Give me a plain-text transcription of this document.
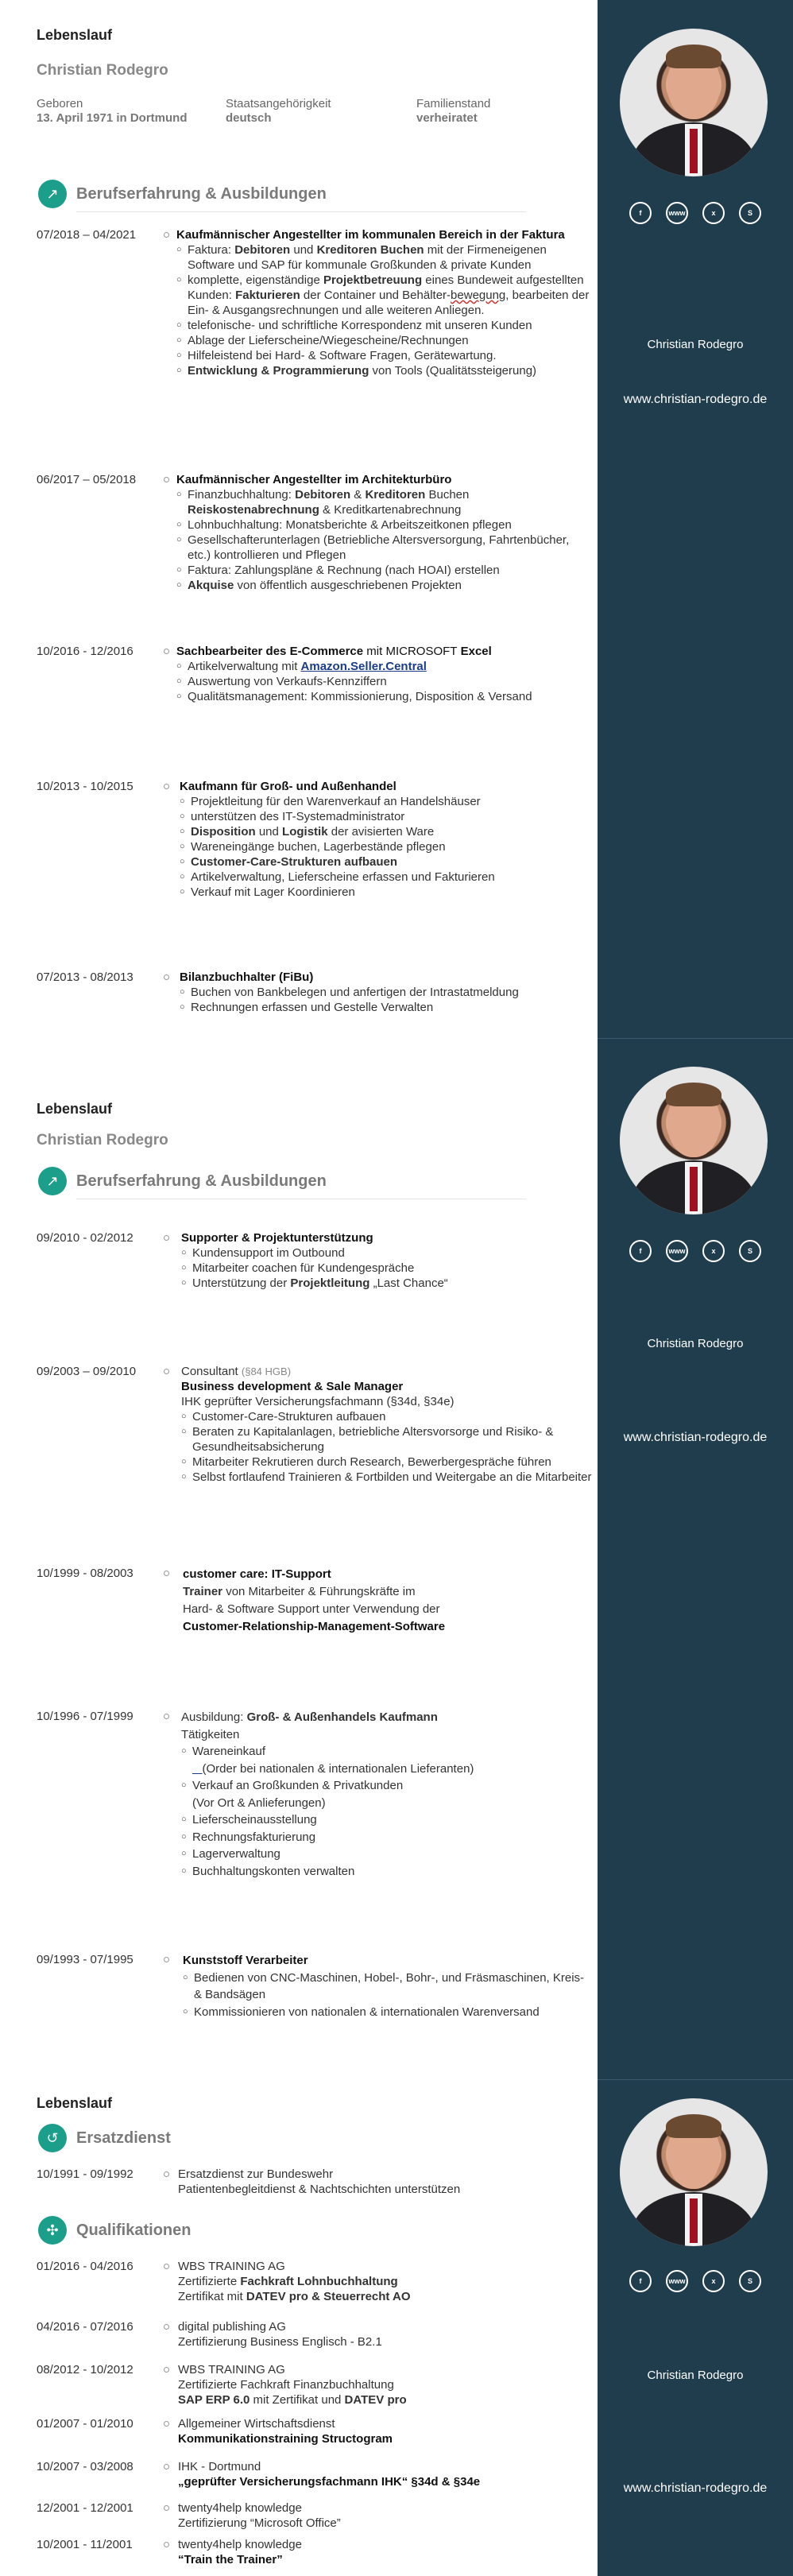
Lebenslauf
Christian Rodegro
Geboren
13. April 1971 in Dortmund
Staatsangehörigkeit
deutsch
Familienstand
verheiratet
↗	Berufserfahrung & Ausbildungen
07/2018 – 04/2021	Kaufmännischer Angestellter im kommunalen Bereich in der Faktura
○ Faktura: Debitoren und Kreditoren Buchen mit der Firmeneigenen Software und SAP für kommunale Großkunden & private Kunden
○ komplette, eigenständige Projektbetreuung eines Bundeweit aufgestellten Kunden: Fakturieren der Container und Behälter-bewegung, bearbeiten der Ein- & Ausgangsrechnungen und alle weiteren Anliegen.
○ telefonische- und schriftliche Korrespondenz mit unseren Kunden
○ Ablage der Lieferscheine/Wiegescheine/Rechnungen
○ Hilfeleistend bei Hard- & Software Fragen, Gerätewartung.
○ Entwicklung & Programmierung von Tools (Qualitätssteigerung)
06/2017 – 05/2018	Kaufmännischer Angestellter im Architekturbüro
○ Finanzbuchhaltung: Debitoren & Kreditoren Buchen Reiskostenabrechnung & Kreditkartenabrechnung
○ Lohnbuchhaltung: Monatsberichte & Arbeitszeitkonen pflegen
○ Gesellschafterunterlagen (Betriebliche Altersversorgung, Fahrtenbücher, etc.) kontrollieren und Pflegen
○ Faktura: Zahlungspläne & Rechnung (nach HOAI) erstellen
○ Akquise von öffentlich ausgeschriebenen Projekten
10/2016 - 12/2016	Sachbearbeiter des E-Commerce mit MICROSOFT Excel
○ Artikelverwaltung mit Amazon.Seller.Central
○ Auswertung von Verkaufs-Kennziffern
○ Qualitätsmanagement: Kommissionierung, Disposition & Versand
10/2013 - 10/2015	Kaufmann für Groß- und Außenhandel
○ Projektleitung für den Warenverkauf an Handelshäuser
○ unterstützen des IT-Systemadministrator
○ Disposition und Logistik der avisierten Ware
○ Wareneingänge buchen, Lagerbestände pflegen
○ Customer-Care-Strukturen aufbauen
○ Artikelverwaltung, Lieferscheine erfassen und Fakturieren
○ Verkauf mit Lager Koordinieren
07/2013 - 08/2013	Bilanzbuchhalter (FiBu)
○ Buchen von Bankbelegen und anfertigen der Intrastatmeldung
○ Rechnungen erfassen und Gestelle Verwalten
f	www	x	S
Christian Rodegro
www.christian-rodegro.de
Lebenslauf
Christian Rodegro
↗	Berufserfahrung & Ausbildungen
09/2010 - 02/2012	Supporter & Projektunterstützung
○ Kundensupport im Outbound
○ Mitarbeiter coachen für Kundengespräche
○ Unterstützung der Projektleitung „Last Chance“
09/2003 – 09/2010	Consultant (§84 HGB)
Business development & Sale Manager
IHK geprüfter Versicherungsfachmann (§34d, §34e)
○ Customer-Care-Strukturen aufbauen
○ Beraten zu Kapitalanlagen, betriebliche Altersvorsorge und Risiko- & Gesundheitsabsicherung
○ Mitarbeiter Rekrutieren durch Research, Bewerbergespräche führen
○ Selbst fortlaufend Trainieren & Fortbilden und Weitergabe an die Mitarbeiter
10/1999 - 08/2003	customer care: IT-Support
Trainer von Mitarbeiter & Führungskräfte im
Hard- & Software Support unter Verwendung der
Customer-Relationship-Management-Software
10/1996 - 07/1999	Ausbildung: Groß- & Außenhandels Kaufmann
Tätigkeiten
○ Wareneinkauf
(Order bei nationalen & internationalen Lieferanten)
○ Verkauf an Großkunden & Privatkunden
(Vor Ort & Anlieferungen)
○ Lieferscheinausstellung
○ Rechnungsfakturierung
○ Lagerverwaltung
○ Buchhaltungskonten verwalten
09/1993 - 07/1995	Kunststoff Verarbeiter
○ Bedienen von CNC-Maschinen, Hobel-, Bohr-, und Fräsmaschinen, Kreis- & Bandsägen
○ Kommissionieren von nationalen & internationalen Warenversand
f	www	x	S
Christian Rodegro
www.christian-rodegro.de
Lebenslauf
↺	Ersatzdienst
10/1991 - 09/1992	Ersatzdienst zur Bundeswehr
Patientenbegleitdienst & Nachtschichten unterstützen
✣	Qualifikationen
01/2016 - 04/2016	WBS TRAINING AG
Zertifizierte Fachkraft Lohnbuchhaltung
Zertifikat mit DATEV pro & Steuerrecht AO
04/2016 - 07/2016	digital publishing AG
Zertifizierung Business Englisch - B2.1
08/2012 - 10/2012	WBS TRAINING AG
Zertifizierte Fachkraft Finanzbuchhaltung
SAP ERP 6.0 mit Zertifikat und DATEV pro
01/2007 - 01/2010	Allgemeiner Wirtschaftsdienst
Kommunikationstraining Structogram
10/2007 - 03/2008	IHK - Dortmund
„geprüfter Versicherungsfachmann IHK“ §34d & §34e
12/2001 - 12/2001	twenty4help knowledge
Zertifizierung “Microsoft Office”
10/2001 - 11/2001	twenty4help knowledge
“Train the Trainer”
f	www	x	S
Christian Rodegro
www.christian-rodegro.de
